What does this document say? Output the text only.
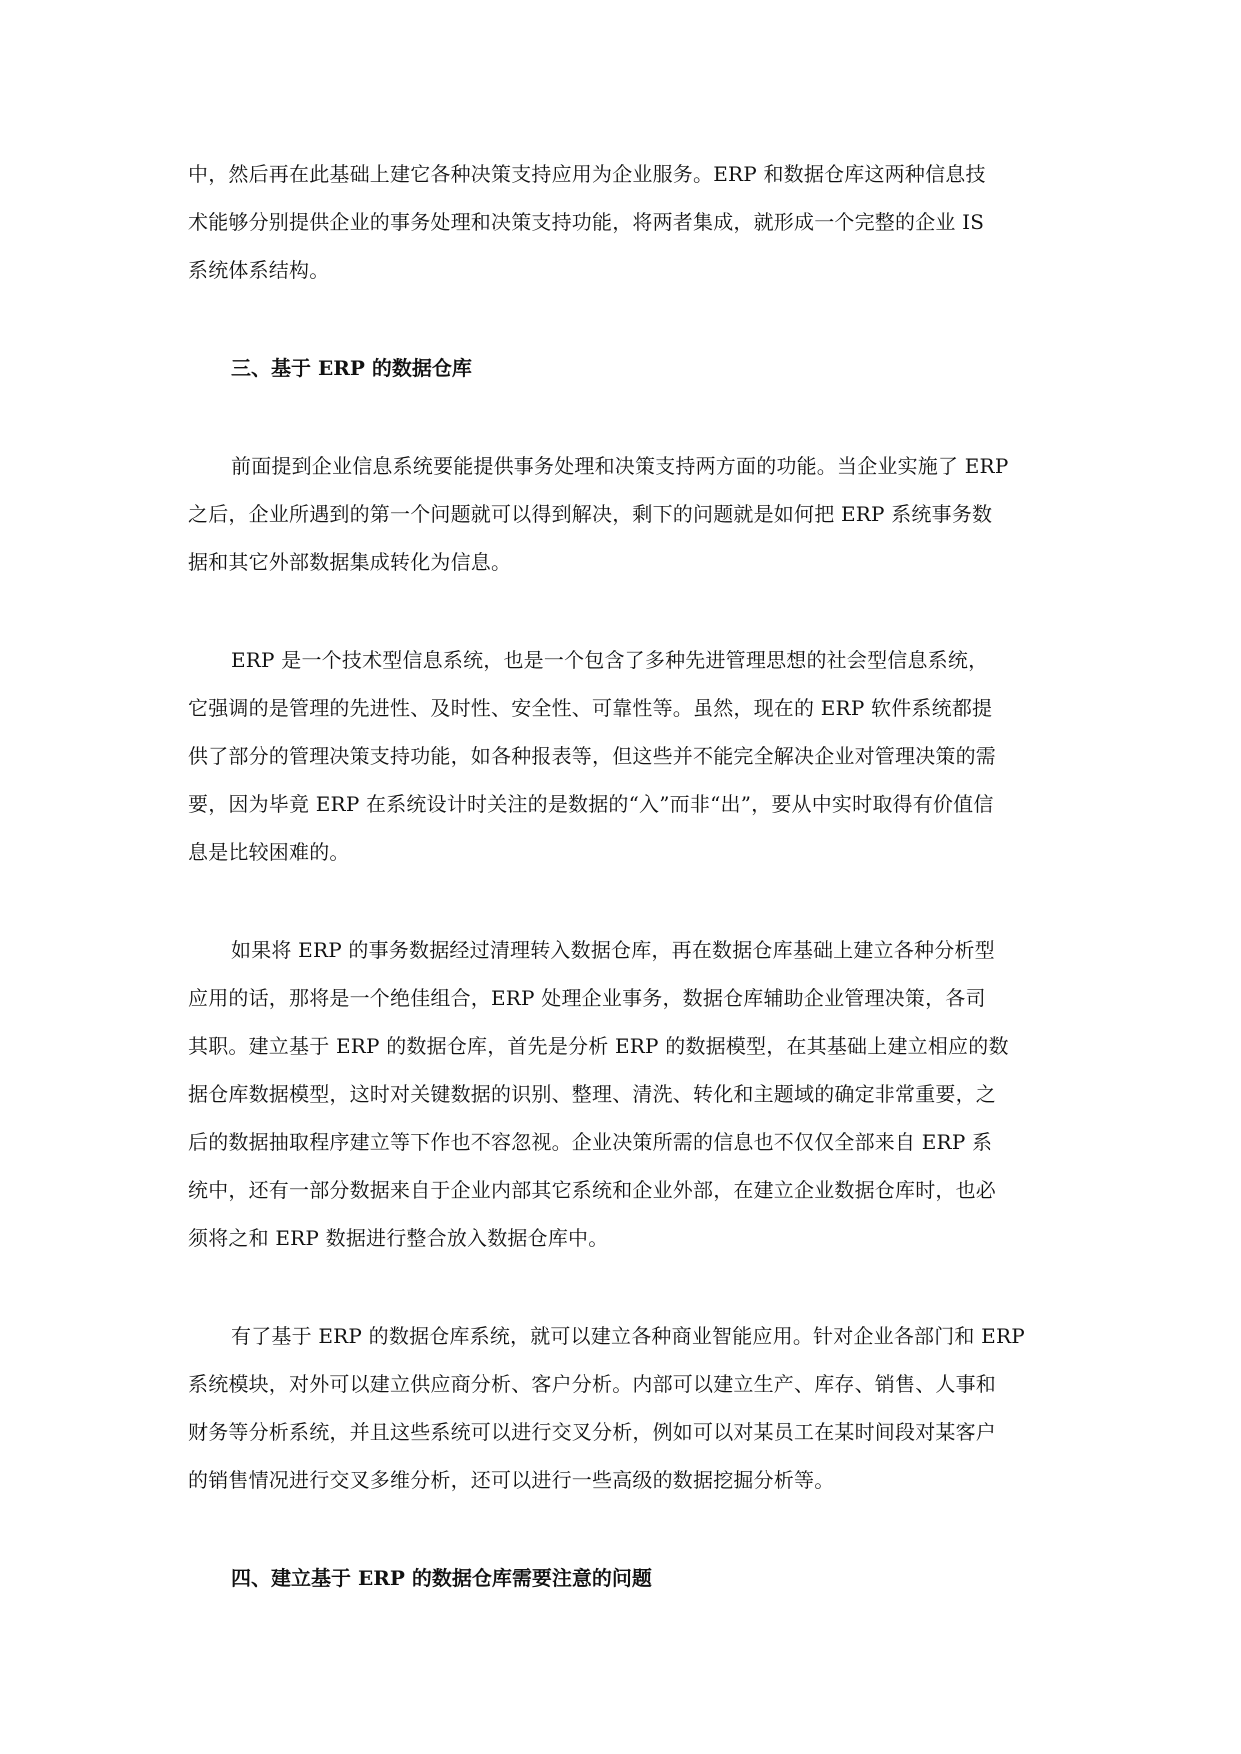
中，然后再在此基础上建它各种决策支持应用为企业服务。ERP 和数据仓库这两种信息技
术能够分别提供企业的事务处理和决策支持功能，将两者集成，就形成一个完整的企业 IS
系统体系结构。
三、基于 ERP 的数据仓库
前面提到企业信息系统要能提供事务处理和决策支持两方面的功能。当企业实施了 ERP
之后，企业所遇到的第一个问题就可以得到解决，剩下的问题就是如何把 ERP 系统事务数
据和其它外部数据集成转化为信息。
ERP 是一个技术型信息系统，也是一个包含了多种先进管理思想的社会型信息系统，
它强调的是管理的先进性、及时性、安全性、可靠性等。虽然，现在的 ERP 软件系统都提
供了部分的管理决策支持功能，如各种报表等，但这些并不能完全解决企业对管理决策的需
要，因为毕竟 ERP 在系统设计时关注的是数据的“入”而非“出”，要从中实时取得有价值信
息是比较困难的。
如果将 ERP 的事务数据经过清理转入数据仓库，再在数据仓库基础上建立各种分析型
应用的话，那将是一个绝佳组合，ERP 处理企业事务，数据仓库辅助企业管理决策，各司
其职。建立基于 ERP 的数据仓库，首先是分析 ERP 的数据模型，在其基础上建立相应的数
据仓库数据模型，这时对关键数据的识别、整理、清洗、转化和主题域的确定非常重要，之
后的数据抽取程序建立等下作也不容忽视。企业决策所需的信息也不仅仅全部来自 ERP 系
统中，还有一部分数据来自于企业内部其它系统和企业外部，在建立企业数据仓库时，也必
须将之和 ERP 数据进行整合放入数据仓库中。
有了基于 ERP 的数据仓库系统，就可以建立各种商业智能应用。针对企业各部门和 ERP
系统模块，对外可以建立供应商分析、客户分析。内部可以建立生产、库存、销售、人事和
财务等分析系统，并且这些系统可以进行交叉分析，例如可以对某员工在某时间段对某客户
的销售情况进行交叉多维分析，还可以进行一些高级的数据挖掘分析等。
四、建立基于 ERP 的数据仓库需要注意的问题
